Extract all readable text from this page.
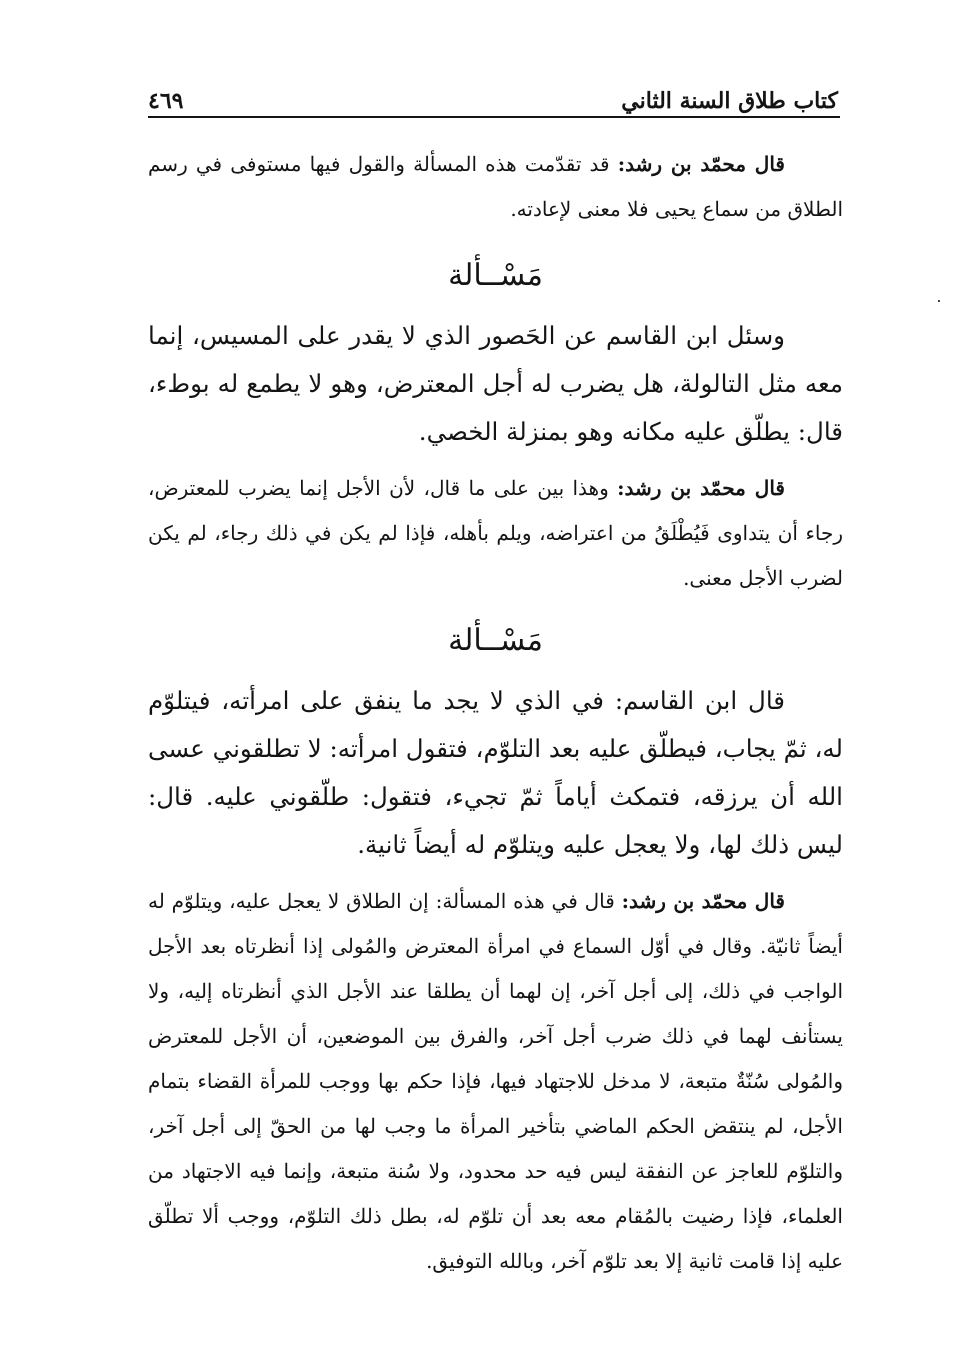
٤٦٩	كتاب طلاق السنة الثاني

قال محمّد بن رشد: قد تقدّمت هذه المسألة والقول فيها مستوفى في رسم الطلاق من سماع يحيى فلا معنى لإعادته.

مَسْــألة

وسئل ابن القاسم عن الحَصور الذي لا يقدر على المسيس، إنما معه مثل التالولة، هل يضرب له أجل المعترض، وهو لا يطمع له بوطء، قال: يطلّق عليه مكانه وهو بمنزلة الخصي.

قال محمّد بن رشد: وهذا بين على ما قال، لأن الأجل إنما يضرب للمعترض، رجاء أن يتداوى فَيُطْلَقُ من اعتراضه، ويلم بأهله، فإذا لم يكن في ذلك رجاء، لم يكن لضرب الأجل معنى.

مَسْــألة

قال ابن القاسم: في الذي لا يجد ما ينفق على امرأته، فيتلوّم له، ثمّ يجاب، فيطلّق عليه بعد التلوّم، فتقول امرأته: لا تطلقوني عسى الله أن يرزقه، فتمكث أياماً ثمّ تجيء، فتقول: طلّقوني عليه. قال: ليس ذلك لها، ولا يعجل عليه ويتلوّم له أيضاً ثانية.

قال محمّد بن رشد: قال في هذه المسألة: إن الطلاق لا يعجل عليه، ويتلوّم له أيضاً ثانيّة. وقال في أوّل السماع في امرأة المعترض والمُولى إذا أنظرتاه بعد الأجل الواجب في ذلك، إلى أجل آخر، إن لهما أن يطلقا عند الأجل الذي أنظرتاه إليه، ولا يستأنف لهما في ذلك ضرب أجل آخر، والفرق بين الموضعين، أن الأجل للمعترض والمُولى سُنّةٌ متبعة، لا مدخل للاجتهاد فيها، فإذا حكم بها ووجب للمرأة القضاء بتمام الأجل، لم ينتقض الحكم الماضي بتأخير المرأة ما وجب لها من الحقّ إلى أجل آخر، والتلوّم للعاجز عن النفقة ليس فيه حد محدود، ولا سُنة متبعة، وإنما فيه الاجتهاد من العلماء، فإذا رضيت بالمُقام معه بعد أن تلوّم له، بطل ذلك التلوّم، ووجب ألا تطلّق عليه إذا قامت ثانية إلا بعد تلوّم آخر، وبالله التوفيق.
